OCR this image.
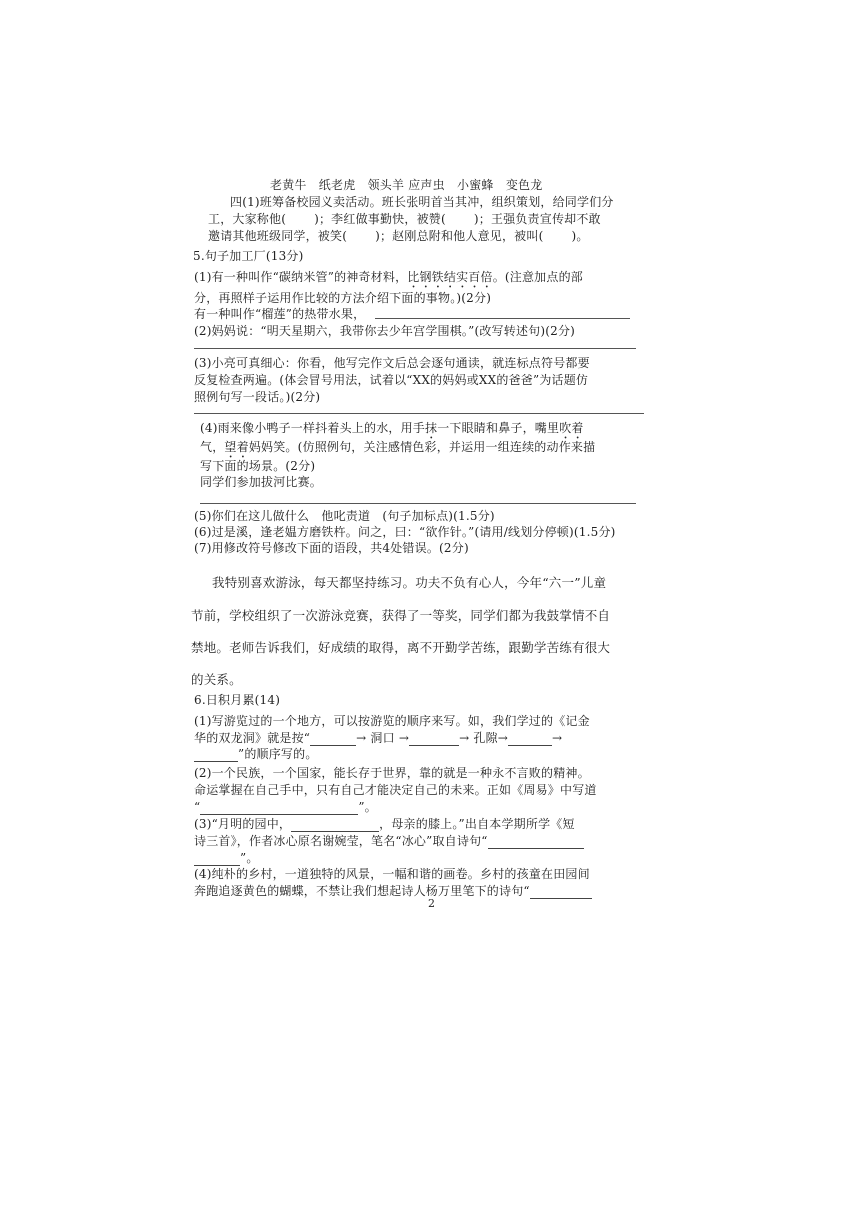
老黄牛　纸老虎　领头羊 应声虫　小蜜蜂　变色龙
四(1)班筹备校园义卖活动。班长张明首当其冲，组织策划，给同学们分
工，大家称他( )；李红做事勤快，被赞( )；王强负责宣传却不敢
邀请其他班级同学，被笑( )；赵刚总附和他人意见，被叫( )。
5.句子加工厂(13分)
(1)有一种叫作“碳纳米管”的神奇材料，比钢铁结实百倍。(注意加点的部
分，再照样子运用作比较的方法介绍下面的事物。)(2分)
有一种叫作“榴莲”的热带水果，
(2)妈妈说：“明天星期六，我带你去少年宫学围棋。”(改写转述句)(2分)
(3)小亮可真细心：你看，他写完作文后总会逐句通读，就连标点符号都要
反复检查两遍。(体会冒号用法，试着以“XX的妈妈或XX的爸爸”为话题仿
照例句写一段话。)(2分)
(4)雨来像小鸭子一样抖着头上的水，用手抹一下眼睛和鼻子，嘴里吹着
气，望着妈妈笑。(仿照例句，关注感情色彩，并运用一组连续的动作来描
写下面的场景。(2分)
同学们参加拔河比赛。
(5)你们在这儿做什么　他叱责道　(句子加标点)(1.5分)
(6)过是溪，逢老媪方磨铁杵。问之，曰：“欲作针。”(请用/线划分停顿)(1.5分)
(7)用修改符号修改下面的语段，共4处错误。(2分)
我特别喜欢游泳，每天都坚持练习。功夫不负有心人，今年“六一”儿童
节前，学校组织了一次游泳竞赛，获得了一等奖，同学们都为我鼓掌情不自
禁地。老师告诉我们，好成绩的取得，离不开勤学苦练，跟勤学苦练有很大
的关系。
6.日积月累(14)
(1)写游览过的一个地方，可以按游览的顺序来写。如，我们学过的《记金
华的双龙洞》就是按“	→ 洞口 →	→ 孔隙→	→
”的顺序写的。
(2)一个民族，一个国家，能长存于世界，靠的就是一种永不言败的精神。
命运掌握在自己手中，只有自己才能决定自己的未来。正如《周易》中写道
“	”。
(3)“月明的园中，	，母亲的膝上。”出自本学期所学《短
诗三首》，作者冰心原名谢婉莹，笔名“冰心”取自诗句“
”。
(4)纯朴的乡村，一道独特的风景，一幅和谐的画卷。乡村的孩童在田园间
奔跑追逐黄色的蝴蝶，不禁让我们想起诗人杨万里笔下的诗句“
2
